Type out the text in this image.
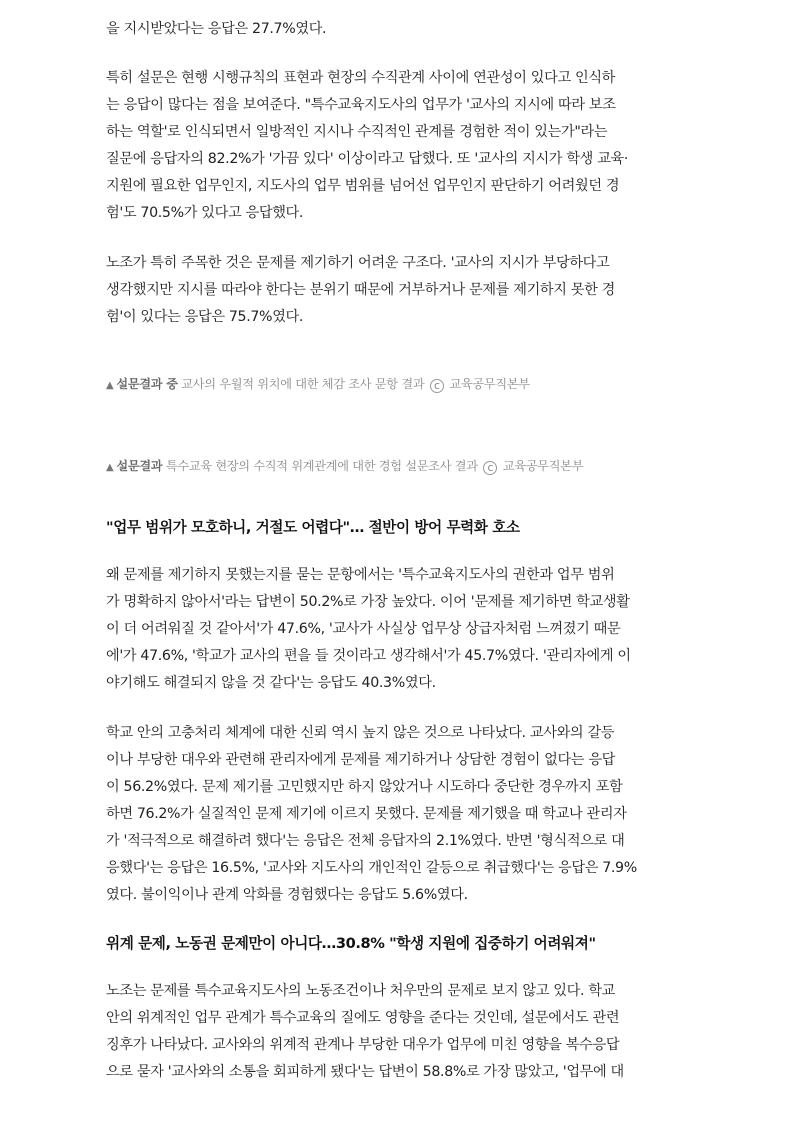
을 지시받았다는 응답은 27.7%였다.
특히 설문은 현행 시행규칙의 표현과 현장의 수직관계 사이에 연관성이 있다고 인식하
는 응답이 많다는 점을 보여준다. "특수교육지도사의 업무가 '교사의 지시에 따라 보조
하는 역할'로 인식되면서 일방적인 지시나 수직적인 관계를 경험한 적이 있는가"라는
질문에 응답자의 82.2%가 '가끔 있다' 이상이라고 답했다. 또 '교사의 지시가 학생 교육·
지원에 필요한 업무인지, 지도사의 업무 범위를 넘어선 업무인지 판단하기 어려웠던 경
험'도 70.5%가 있다고 응답했다.
노조가 특히 주목한 것은 문제를 제기하기 어려운 구조다. '교사의 지시가 부당하다고
생각했지만 지시를 따라야 한다는 분위기 때문에 거부하거나 문제를 제기하지 못한 경
험'이 있다는 응답은 75.7%였다.
▲ 설문결과 중 교사의 우월적 위치에 대한 체감 조사 문항 결과 c 교육공무직본부
▲ 설문결과 특수교육 현장의 수직적 위계관계에 대한 경험 설문조사 결과 c 교육공무직본부
"업무 범위가 모호하니, 거절도 어렵다"… 절반이 방어 무력화 호소
왜 문제를 제기하지 못했는지를 묻는 문항에서는 '특수교육지도사의 권한과 업무 범위
가 명확하지 않아서'라는 답변이 50.2%로 가장 높았다. 이어 '문제를 제기하면 학교생활
이 더 어려워질 것 같아서'가 47.6%, '교사가 사실상 업무상 상급자처럼 느껴졌기 때문
에'가 47.6%, '학교가 교사의 편을 들 것이라고 생각해서'가 45.7%였다. '관리자에게 이
야기해도 해결되지 않을 것 같다'는 응답도 40.3%였다.
학교 안의 고충처리 체계에 대한 신뢰 역시 높지 않은 것으로 나타났다. 교사와의 갈등
이나 부당한 대우와 관련해 관리자에게 문제를 제기하거나 상담한 경험이 없다는 응답
이 56.2%였다. 문제 제기를 고민했지만 하지 않았거나 시도하다 중단한 경우까지 포함
하면 76.2%가 실질적인 문제 제기에 이르지 못했다. 문제를 제기했을 때 학교나 관리자
가 '적극적으로 해결하려 했다'는 응답은 전체 응답자의 2.1%였다. 반면 '형식적으로 대
응했다'는 응답은 16.5%, '교사와 지도사의 개인적인 갈등으로 취급했다'는 응답은 7.9%
였다. 불이익이나 관계 악화를 경험했다는 응답도 5.6%였다.
위계 문제, 노동권 문제만이 아니다…30.8% "학생 지원에 집중하기 어려워져"
노조는 문제를 특수교육지도사의 노동조건이나 처우만의 문제로 보지 않고 있다. 학교
안의 위계적인 업무 관계가 특수교육의 질에도 영향을 준다는 것인데, 설문에서도 관련
징후가 나타났다. 교사와의 위계적 관계나 부당한 대우가 업무에 미친 영향을 복수응답
으로 묻자 '교사와의 소통을 회피하게 됐다'는 답변이 58.8%로 가장 많았고, '업무에 대
